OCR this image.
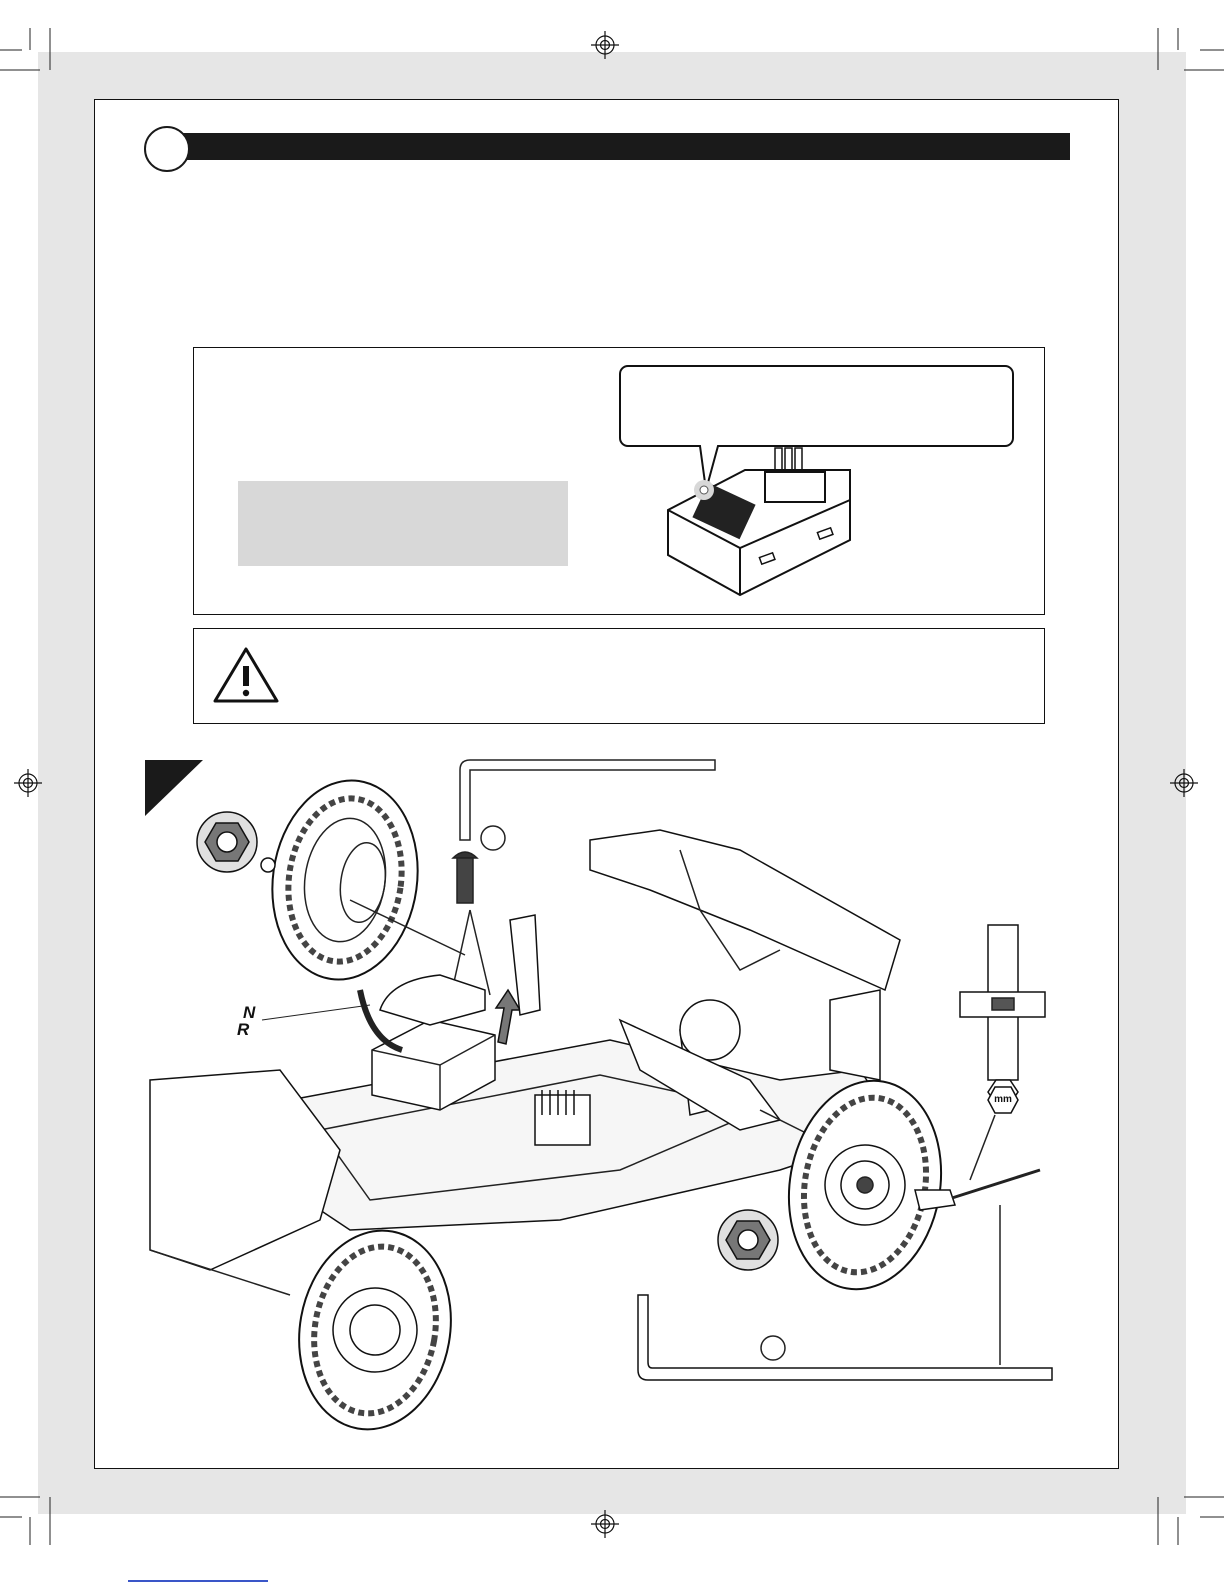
N
R
mm
